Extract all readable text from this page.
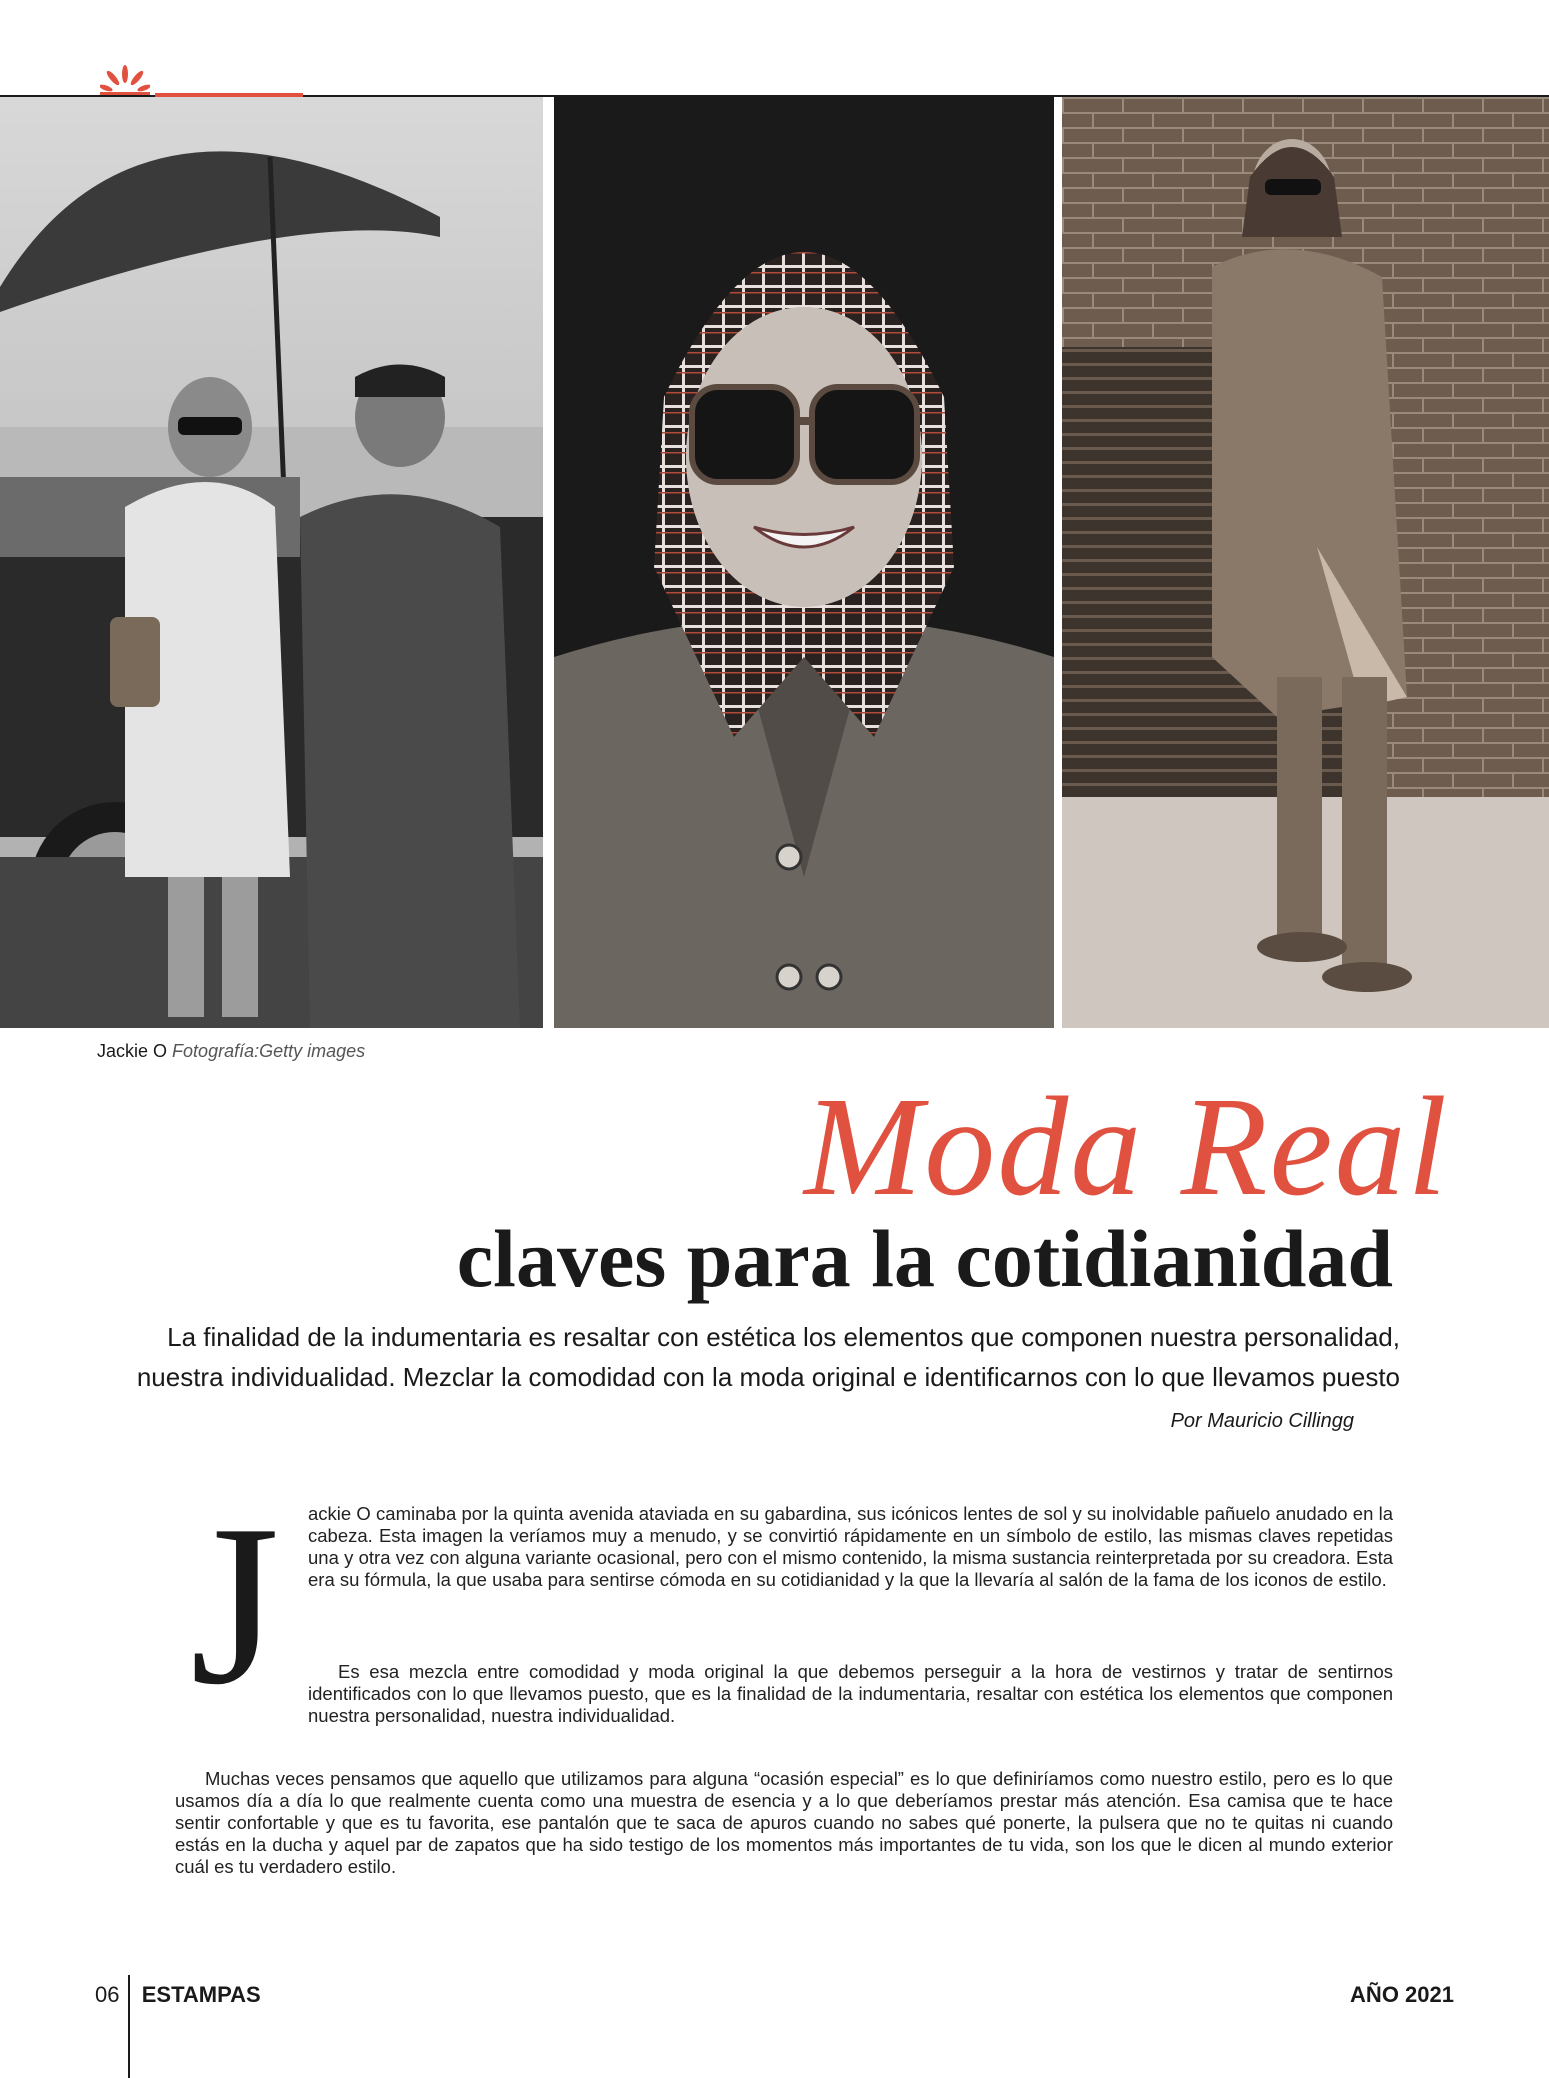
Jackie O Fotografía:Getty images
Moda Real
claves para la cotidianidad
La finalidad de la indumentaria es resaltar con estética los elementos que componen nuestra personalidad, nuestra individualidad. Mezclar la comodidad con la moda original e identificarnos con lo que llevamos puesto
Por Mauricio Cillingg
J ackie O caminaba por la quinta avenida ataviada en su gabardina, sus icónicos lentes de sol y su inolvidable pañuelo anudado en la cabeza. Esta imagen la veríamos muy a menudo, y se convirtió rápidamente en un símbolo de estilo, las mismas claves repetidas una y otra vez con alguna variante ocasional, pero con el mismo contenido, la misma sustancia reinterpretada por su creadora. Esta era su fórmula, la que usaba para sentirse cómoda en su cotidianidad y la que la llevaría al salón de la fama de los iconos de estilo.

Es esa mezcla entre comodidad y moda original la que debemos perseguir a la hora de vestirnos y tratar de sentirnos identificados con lo que llevamos puesto, que es la finalidad de la indumentaria, resaltar con estética los elementos que componen nuestra personalidad, nuestra individualidad.

Muchas veces pensamos que aquello que utilizamos para alguna “ocasión especial” es lo que definiríamos como nuestro estilo, pero es lo que usamos día a día lo que realmente cuenta como una muestra de esencia y a lo que deberíamos prestar más atención. Esa camisa que te hace sentir confortable y que es tu favorita, ese pantalón que te saca de apuros cuando no sabes qué ponerte, la pulsera que no te quitas ni cuando estás en la ducha y aquel par de zapatos que ha sido testigo de los momentos más importantes de tu vida, son los que le dicen al mundo exterior cuál es tu verdadero estilo.

06 ESTAMPAS	AÑO 2021
